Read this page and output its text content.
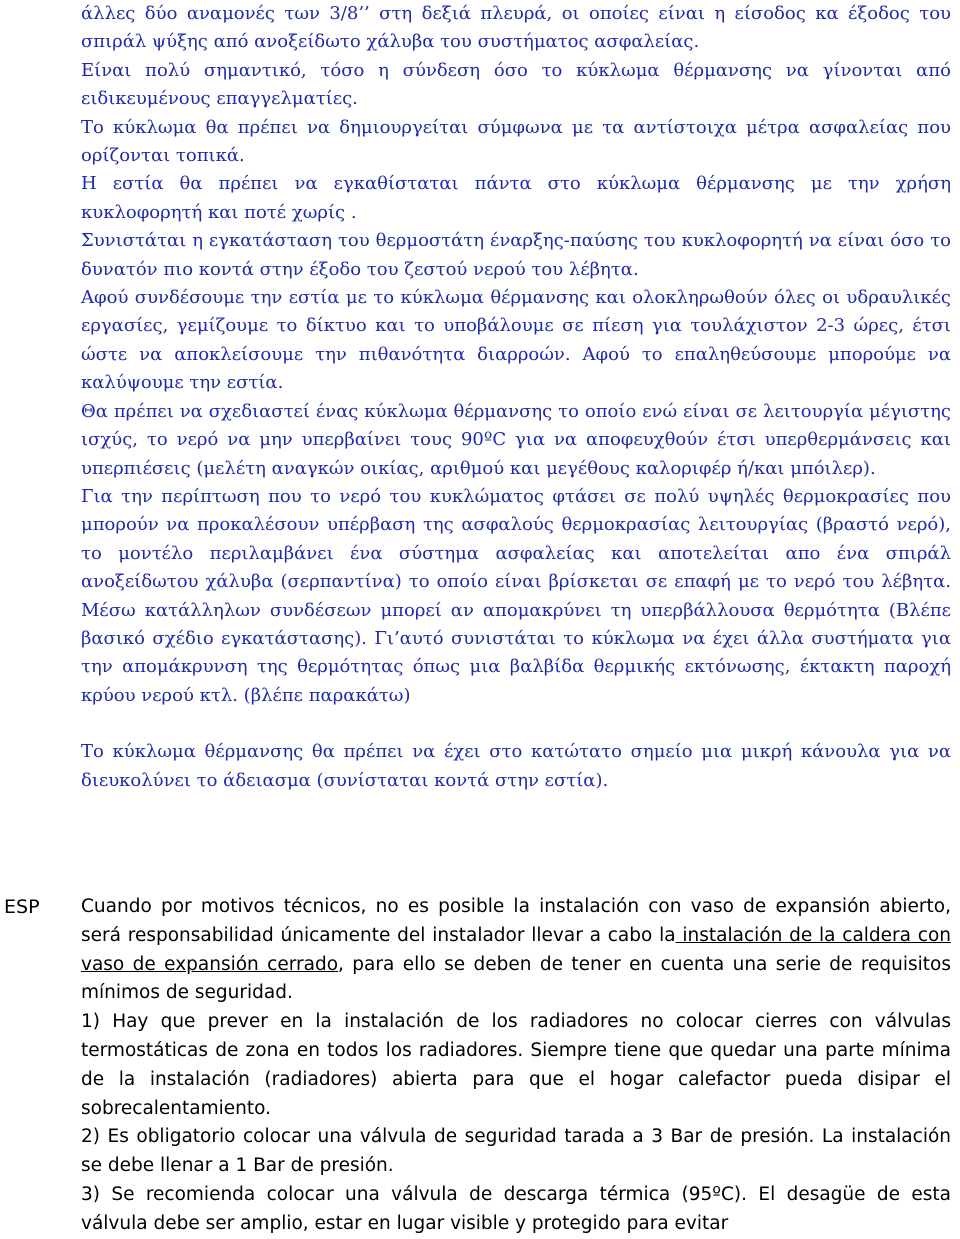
άλλες δύο αναμονές των 3/8’’ στη δεξιά πλευρά, οι οποίες είναι η είσοδος κα έξοδος του σπιράλ ψύξης από ανοξείδωτο χάλυβα του συστήματος ασφαλείας.

Είναι πολύ σημαντικό, τόσο η σύνδεση όσο το κύκλωμα θέρμανσης να γίνονται από ειδικευμένους επαγγελματίες.

Το κύκλωμα θα πρέπει να δημιουργείται σύμφωνα με τα αντίστοιχα μέτρα ασφαλείας που ορίζονται τοπικά.

Η εστία θα πρέπει να εγκαθίσταται πάντα στο κύκλωμα θέρμανσης με την χρήση κυκλοφορητή και ποτέ χωρίς .

Συνιστάται η εγκατάσταση του θερμοστάτη έναρξης-παύσης του κυκλοφορητή να είναι όσο το δυνατόν πιο κοντά στην έξοδο του ζεστού νερού του λέβητα.

Αφού συνδέσουμε την εστία με το κύκλωμα θέρμανσης και ολοκληρωθούν όλες οι υδραυλικές εργασίες, γεμίζουμε το δίκτυο και το υποβάλουμε σε πίεση για τουλάχιστον 2-3 ώρες, έτσι ώστε να αποκλείσουμε την πιθανότητα διαρροών. Αφού το επαληθεύσουμε μπορούμε να καλύψουμε την εστία.

Θα πρέπει να σχεδιαστεί ένας κύκλωμα θέρμανσης το οποίο ενώ είναι σε λειτουργία μέγιστης ισχύς, το νερό να μην υπερβαίνει τους 90ºC για να αποφευχθούν έτσι υπερθερμάνσεις και υπερπιέσεις (μελέτη αναγκών οικίας, αριθμού και μεγέθους καλοριφέρ ή/και μπόιλερ).

Για την περίπτωση που το νερό του κυκλώματος φτάσει σε πολύ υψηλές θερμοκρασίες που μπορούν να προκαλέσουν υπέρβαση της ασφαλούς θερμοκρασίας λειτουργίας (βραστό νερό), το μοντέλο περιλαμβάνει ένα σύστημα ασφαλείας και αποτελείται απο ένα σπιράλ ανοξείδωτου χάλυβα (σερπαντίνα) το οποίο είναι βρίσκεται σε επαφή με το νερό του λέβητα. Μέσω κατάλληλων συνδέσεων μπορεί αν απομακρύνει τη υπερβάλλουσα θερμότητα (Βλέπε βασικό σχέδιο εγκατάστασης). Γι’αυτό συνιστάται το κύκλωμα να έχει άλλα συστήματα για την απομάκρυνση της θερμότητας όπως μια βαλβίδα θερμικής εκτόνωσης, έκτακτη παροχή κρύου νερού κτλ. (βλέπε παρακάτω)

Το κύκλωμα θέρμανσης θα πρέπει να έχει στο κατώτατο σημείο μια μικρή κάνουλα για να διευκολύνει το άδειασμα (συνίσταται κοντά στην εστία).

ESP Cuando por motivos técnicos, no es posible la instalación con vaso de expansión abierto, será responsabilidad únicamente del instalador llevar a cabo la instalación de la caldera con vaso de expansión cerrado, para ello se deben de tener en cuenta una serie de requisitos mínimos de seguridad.

1) Hay que prever en la instalación de los radiadores no colocar cierres con válvulas termostáticas de zona en todos los radiadores. Siempre tiene que quedar una parte mínima de la instalación (radiadores) abierta para que el hogar calefactor pueda disipar el sobrecalentamiento.

2) Es obligatorio colocar una válvula de seguridad tarada a 3 Bar de presión. La instalación se debe llenar a 1 Bar de presión.

3) Se recomienda colocar una válvula de descarga térmica (95ºC). El desagüe de esta válvula debe ser amplio, estar en lugar visible y protegido para evitar
